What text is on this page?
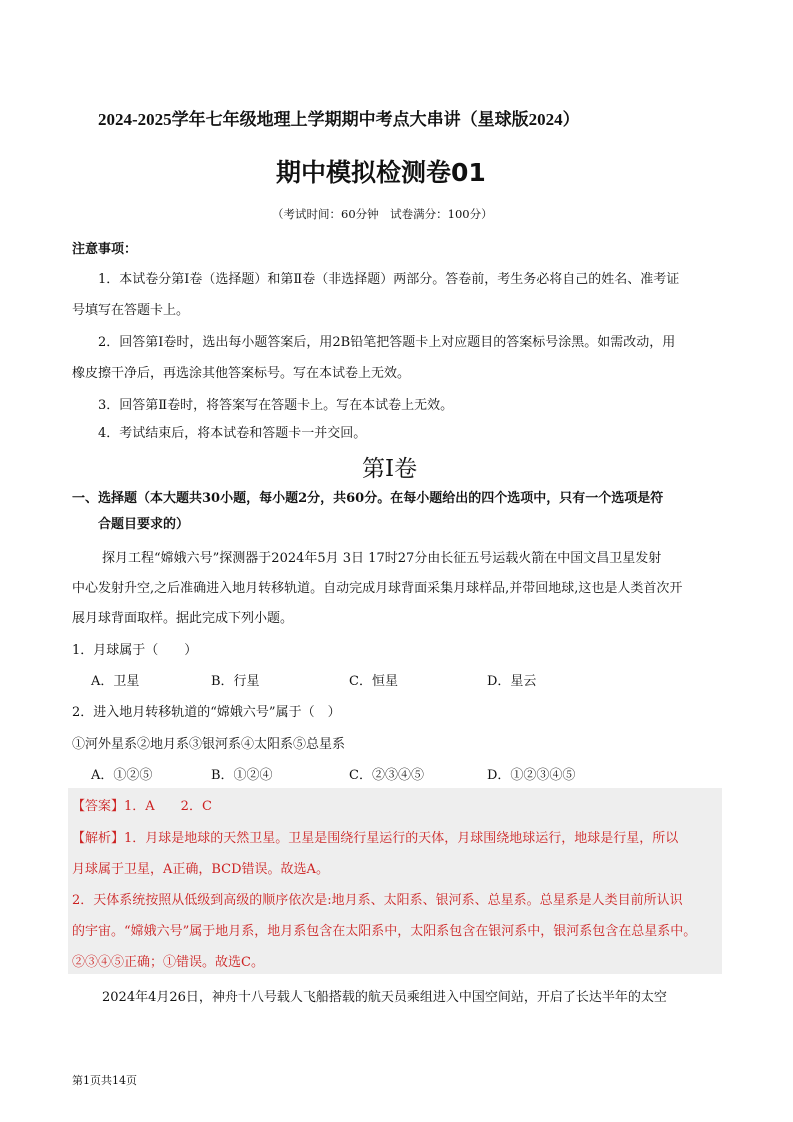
2024-2025学年七年级地理上学期期中考点大串讲（星球版2024）
期中模拟检测卷01
（考试时间：60分钟　试卷满分：100分）
注意事项：
1．本试卷分第Ⅰ卷（选择题）和第Ⅱ卷（非选择题）两部分。答卷前，考生务必将自己的姓名、准考证
号填写在答题卡上。
2．回答第Ⅰ卷时，选出每小题答案后，用2B铅笔把答题卡上对应题目的答案标号涂黑。如需改动，用
橡皮擦干净后，再选涂其他答案标号。写在本试卷上无效。
3．回答第Ⅱ卷时，将答案写在答题卡上。写在本试卷上无效。
4．考试结束后，将本试卷和答题卡一并交回。
第Ⅰ卷
一、选择题（本大题共30小题，每小题2分，共60分。在每小题给出的四个选项中，只有一个选项是符
合题目要求的）
探月工程“嫦娥六号”探测器于2024年5月 3日 17时27分由长征五号运载火箭在中国文昌卫星发射
中心发射升空,之后准确进入地月转移轨道。自动完成月球背面采集月球样品,并带回地球,这也是人类首次开
展月球背面取样。据此完成下列小题。
1．月球属于（　　）
A．卫星	B．行星	C．恒星	D．星云
2．进入地月转移轨道的“嫦娥六号”属于（　）
①河外星系②地月系③银河系④太阳系⑤总星系
A．①②⑤	B．①②④	C．②③④⑤	D．①②③④⑤
【答案】1．A　　2．C
【解析】1．月球是地球的天然卫星。卫星是围绕行星运行的天体，月球围绕地球运行，地球是行星，所以
月球属于卫星，A正确，BCD错误。故选A。
2．天体系统按照从低级到高级的顺序依次是:地月系、太阳系、银河系、总星系。总星系是人类目前所认识
的宇宙。“嫦娥六号”属于地月系，地月系包含在太阳系中，太阳系包含在银河系中，银河系包含在总星系中。
②③④⑤正确；①错误。故选C。
2024年4月26日，神舟十八号载人飞船搭载的航天员乘组进入中国空间站，开启了长达半年的太空
第1页共14页
